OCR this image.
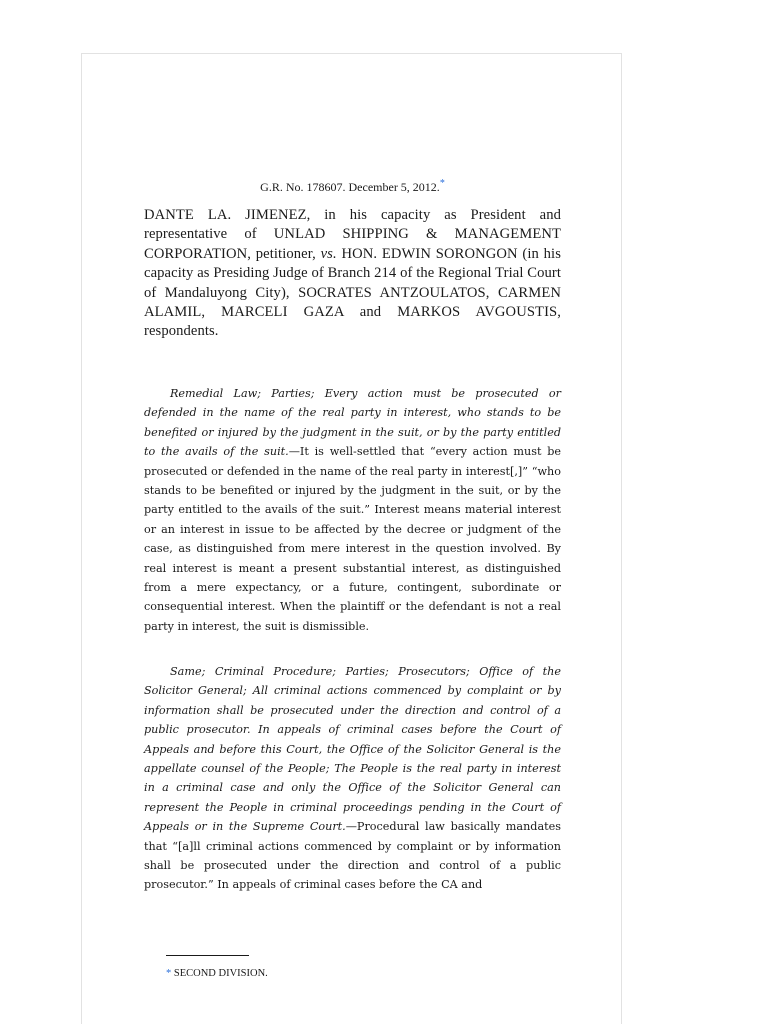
G.R. No. 178607. December 5, 2012.*
DANTE LA. JIMENEZ, in his capacity as President and representative of UNLAD SHIPPING & MANAGEMENT CORPORATION, petitioner, vs. HON. EDWIN SORONGON (in his capacity as Presiding Judge of Branch 214 of the Regional Trial Court of Mandaluyong City), SOCRATES ANTZOULATOS, CARMEN ALAMIL, MARCELI GAZA and MARKOS AVGOUSTIS, respondents.
Remedial Law; Parties; Every action must be prosecuted or defended in the name of the real party in interest, who stands to be benefited or injured by the judgment in the suit, or by the party entitled to the avails of the suit.—It is well-settled that “every action must be prosecuted or defended in the name of the real party in interest[,]” “who stands to be benefited or injured by the judgment in the suit, or by the party entitled to the avails of the suit.” Interest means material interest or an interest in issue to be affected by the decree or judgment of the case, as distinguished from mere interest in the question involved. By real interest is meant a present substantial interest, as distinguished from a mere expectancy, or a future, contingent, subordinate or consequential interest. When the plaintiff or the defendant is not a real party in interest, the suit is dismissible.
Same; Criminal Procedure; Parties; Prosecutors; Office of the Solicitor General; All criminal actions commenced by complaint or by information shall be prosecuted under the direction and control of a public prosecutor. In appeals of criminal cases before the Court of Appeals and before this Court, the Office of the Solicitor General is the appellate counsel of the People; The People is the real party in interest in a criminal case and only the Office of the Solicitor General can represent the People in criminal proceedings pending in the Court of Appeals or in the Supreme Court.—Procedural law basically mandates that “[a]ll criminal actions commenced by complaint or by information shall be prosecuted under the direction and control of a public prosecutor.” In appeals of criminal cases before the CA and
* SECOND DIVISION.
